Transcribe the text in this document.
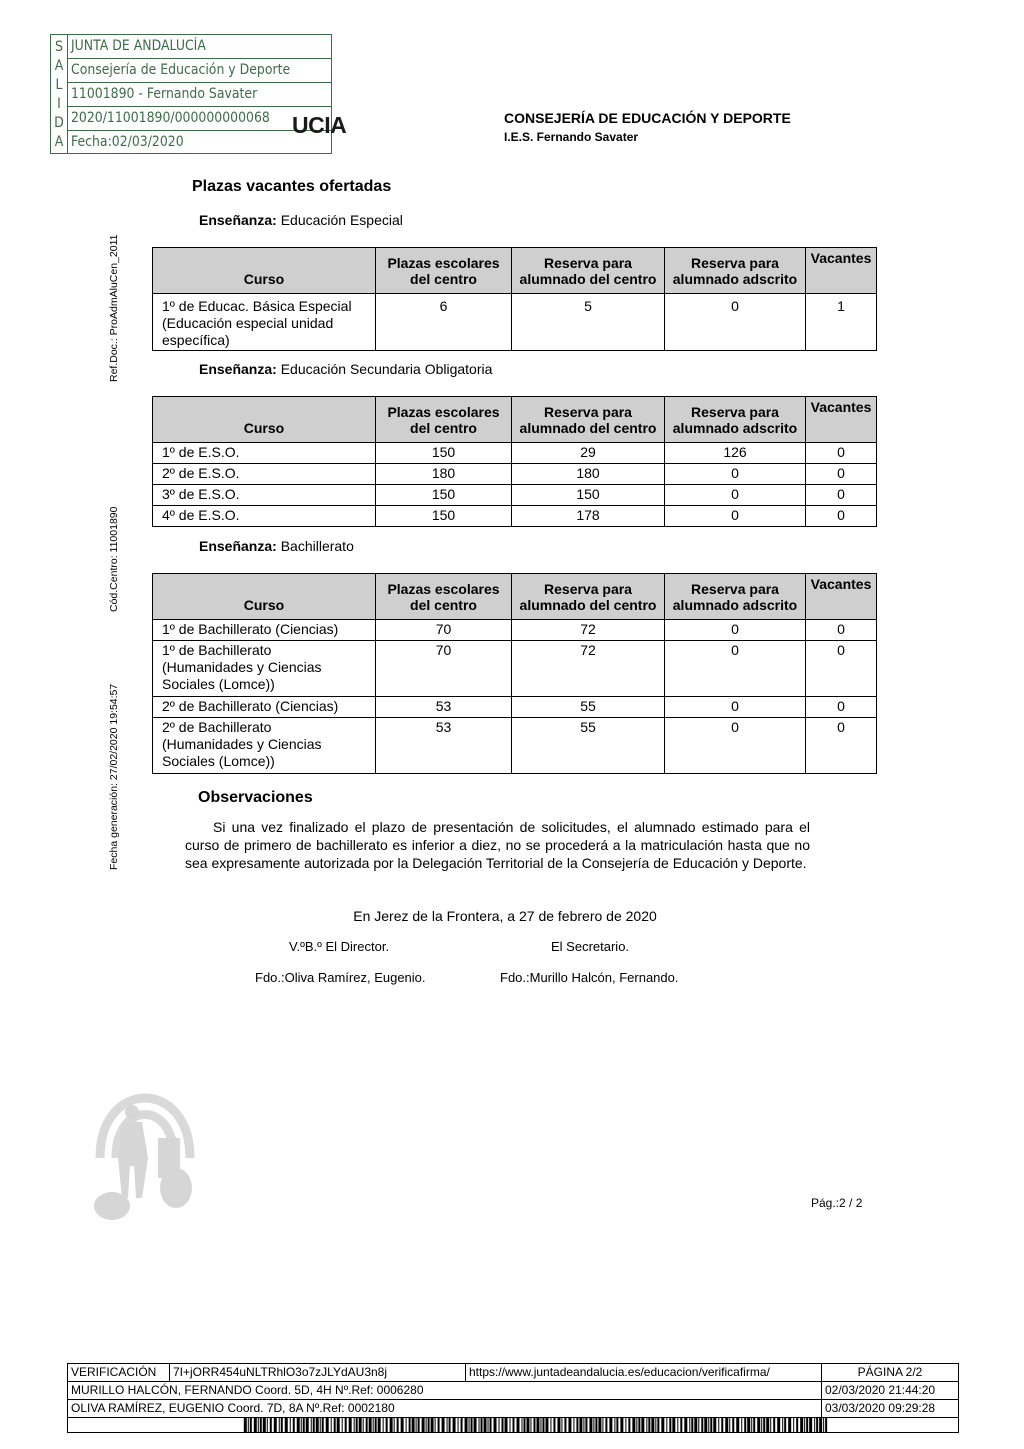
S
A
L
I
D
A
JUNTA DE ANDALUCÍA
Consejería de Educación y Deporte
11001890 - Fernando Savater
2020/11001890/000000000068
Fecha:02/03/2020
UCIA	CONSEJERÍA DE EDUCACIÓN Y DEPORTE
I.E.S. Fernando Savater
Ref.Doc.: ProAdmAluCen_2011
Cód.Centro: 11001890
Fecha generación: 27/02/2020 19:54:57
Plazas vacantes ofertadas
Enseñanza: Educación Especial
Curso	Plazas escolares del centro	Reserva para alumnado del centro	Reserva para alumnado adscrito	Vacantes
1º de Educac. Básica Especial (Educación especial unidad específica)	6	5	0	1
Enseñanza: Educación Secundaria Obligatoria
Curso	Plazas escolares del centro	Reserva para alumnado del centro	Reserva para alumnado adscrito	Vacantes
1º de E.S.O.	150	29	126	0
2º de E.S.O.	180	180	0	0
3º de E.S.O.	150	150	0	0
4º de E.S.O.	150	178	0	0
Enseñanza: Bachillerato
Curso	Plazas escolares del centro	Reserva para alumnado del centro	Reserva para alumnado adscrito	Vacantes
1º de Bachillerato (Ciencias)	70	72	0	0
1º de Bachillerato (Humanidades y Ciencias Sociales (Lomce))	70	72	0	0
2º de Bachillerato (Ciencias)	53	55	0	0
2º de Bachillerato (Humanidades y Ciencias Sociales (Lomce))	53	55	0	0
Observaciones
Si una vez finalizado el plazo de presentación de solicitudes, el alumnado estimado para el curso de primero de bachillerato es inferior a diez, no se procederá a la matriculación hasta que no sea expresamente autorizada por la Delegación Territorial de la Consejería de Educación y Deporte.
En Jerez de la Frontera, a 27 de febrero de 2020
V.ºB.º El Director.	El Secretario.
Fdo.:Oliva Ramírez, Eugenio.	Fdo.:Murillo Halcón, Fernando.
Pág.:2 / 2
VERIFICACIÓN	7I+jORR454uNLTRhlO3o7zJLYdAU3n8j	https://www.juntadeandalucia.es/educacion/verificafirma/	PÁGINA 2/2
MURILLO HALCÓN, FERNANDO Coord. 5D, 4H Nº.Ref: 0006280			02/03/2020 21:44:20
OLIVA RAMÍREZ, EUGENIO Coord. 7D, 8A Nº.Ref: 0002180			03/03/2020 09:29:28
